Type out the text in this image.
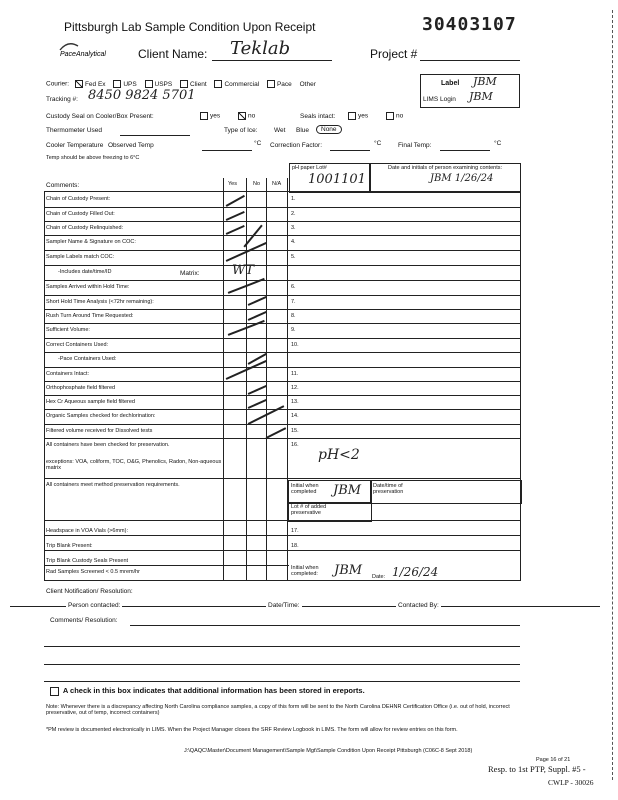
Pittsburgh Lab Sample Condition Upon Receipt	30403107
PaceAnalytical	Client Name: Teklab	Project #
Courier: Fed Ex	UPS	USPS	Client	Commercial	Pace Other
Tracking #: 8450 9824 5701
Label JBM
LIMS Login JBM
Custody Seal on Cooler/Box Present:	yes	no	Seals intact:	yes	no
Thermometer Used	Type of Ice:	Wet Blue	None
Cooler Temperature Observed Temp	°C Correction Factor:	°C	Final Temp:	°C
Temp should be above freezing to 6°C
pH paper Lot#
1001101
Date and initials of person examining contents:
JBM 1/26/24
Comments:	Yes	No N/A
Chain of Custody Present:	1.
Chain of Custody Filled Out:	2.
Chain of Custody Relinquished:	3.
Sampler Name & Signature on COC:	4.
Sample Labels match COC:	5.
-Includes date/time/ID
Samples Arrived within Hold Time:	6.
Short Hold Time Analysis (<72hr remaining):	7.
Rush Turn Around Time Requested:	8.
Sufficient Volume:	9.
Correct Containers Used:	10.
-Pace Containers Used:
Containers Intact:	11.
Orthophosphate field filtered	12.
Hex Cr Aqueous sample field filtered	13.
Organic Samples checked for dechlorination:	14.
Filtered volume received for Dissolved tests	15.
All containers have been checked for preservation.	16.
Matrix:	WT
exceptions: VOA, coliform, TOC, O&G, Phenolics, Radon, Non-aqueous matrix
pH<2
All containers meet method preservation requirements.	Initial when completed	JBM Date/time of preservation
Lot # of added preservative
Headspace in VOA Vials (>6mm):	17.
Trip Blank Present:	18.
Trip Blank Custody Seals Present
Rad Samples Screened < 0.5 mrem/hr
Initial when completed:	JBM Date: 1/26/24
Client Notification/ Resolution:
Person contacted:	Date/Time:	Contacted By:
Comments/ Resolution:
A check in this box indicates that additional information has been stored in ereports.
Note: Whenever there is a discrepancy affecting North Carolina compliance samples, a copy of this form will be sent to the North Carolina DEHNR Certification Office (i.e. out of hold, incorrect preservative, out of temp, incorrect containers)
*PM review is documented electronically in LIMS. When the Project Manager closes the SRF Review Logbook in LIMS. The form will allow for review entries on this form.
J:\QAQC\Master\Document Management\Sample Mgt\Sample Condition Upon Receipt Pittsburgh (C06C-8 Sept 2018)
Page 16 of 21
Resp. to 1st PTP, Suppl. #5 -
CWLP - 30026
